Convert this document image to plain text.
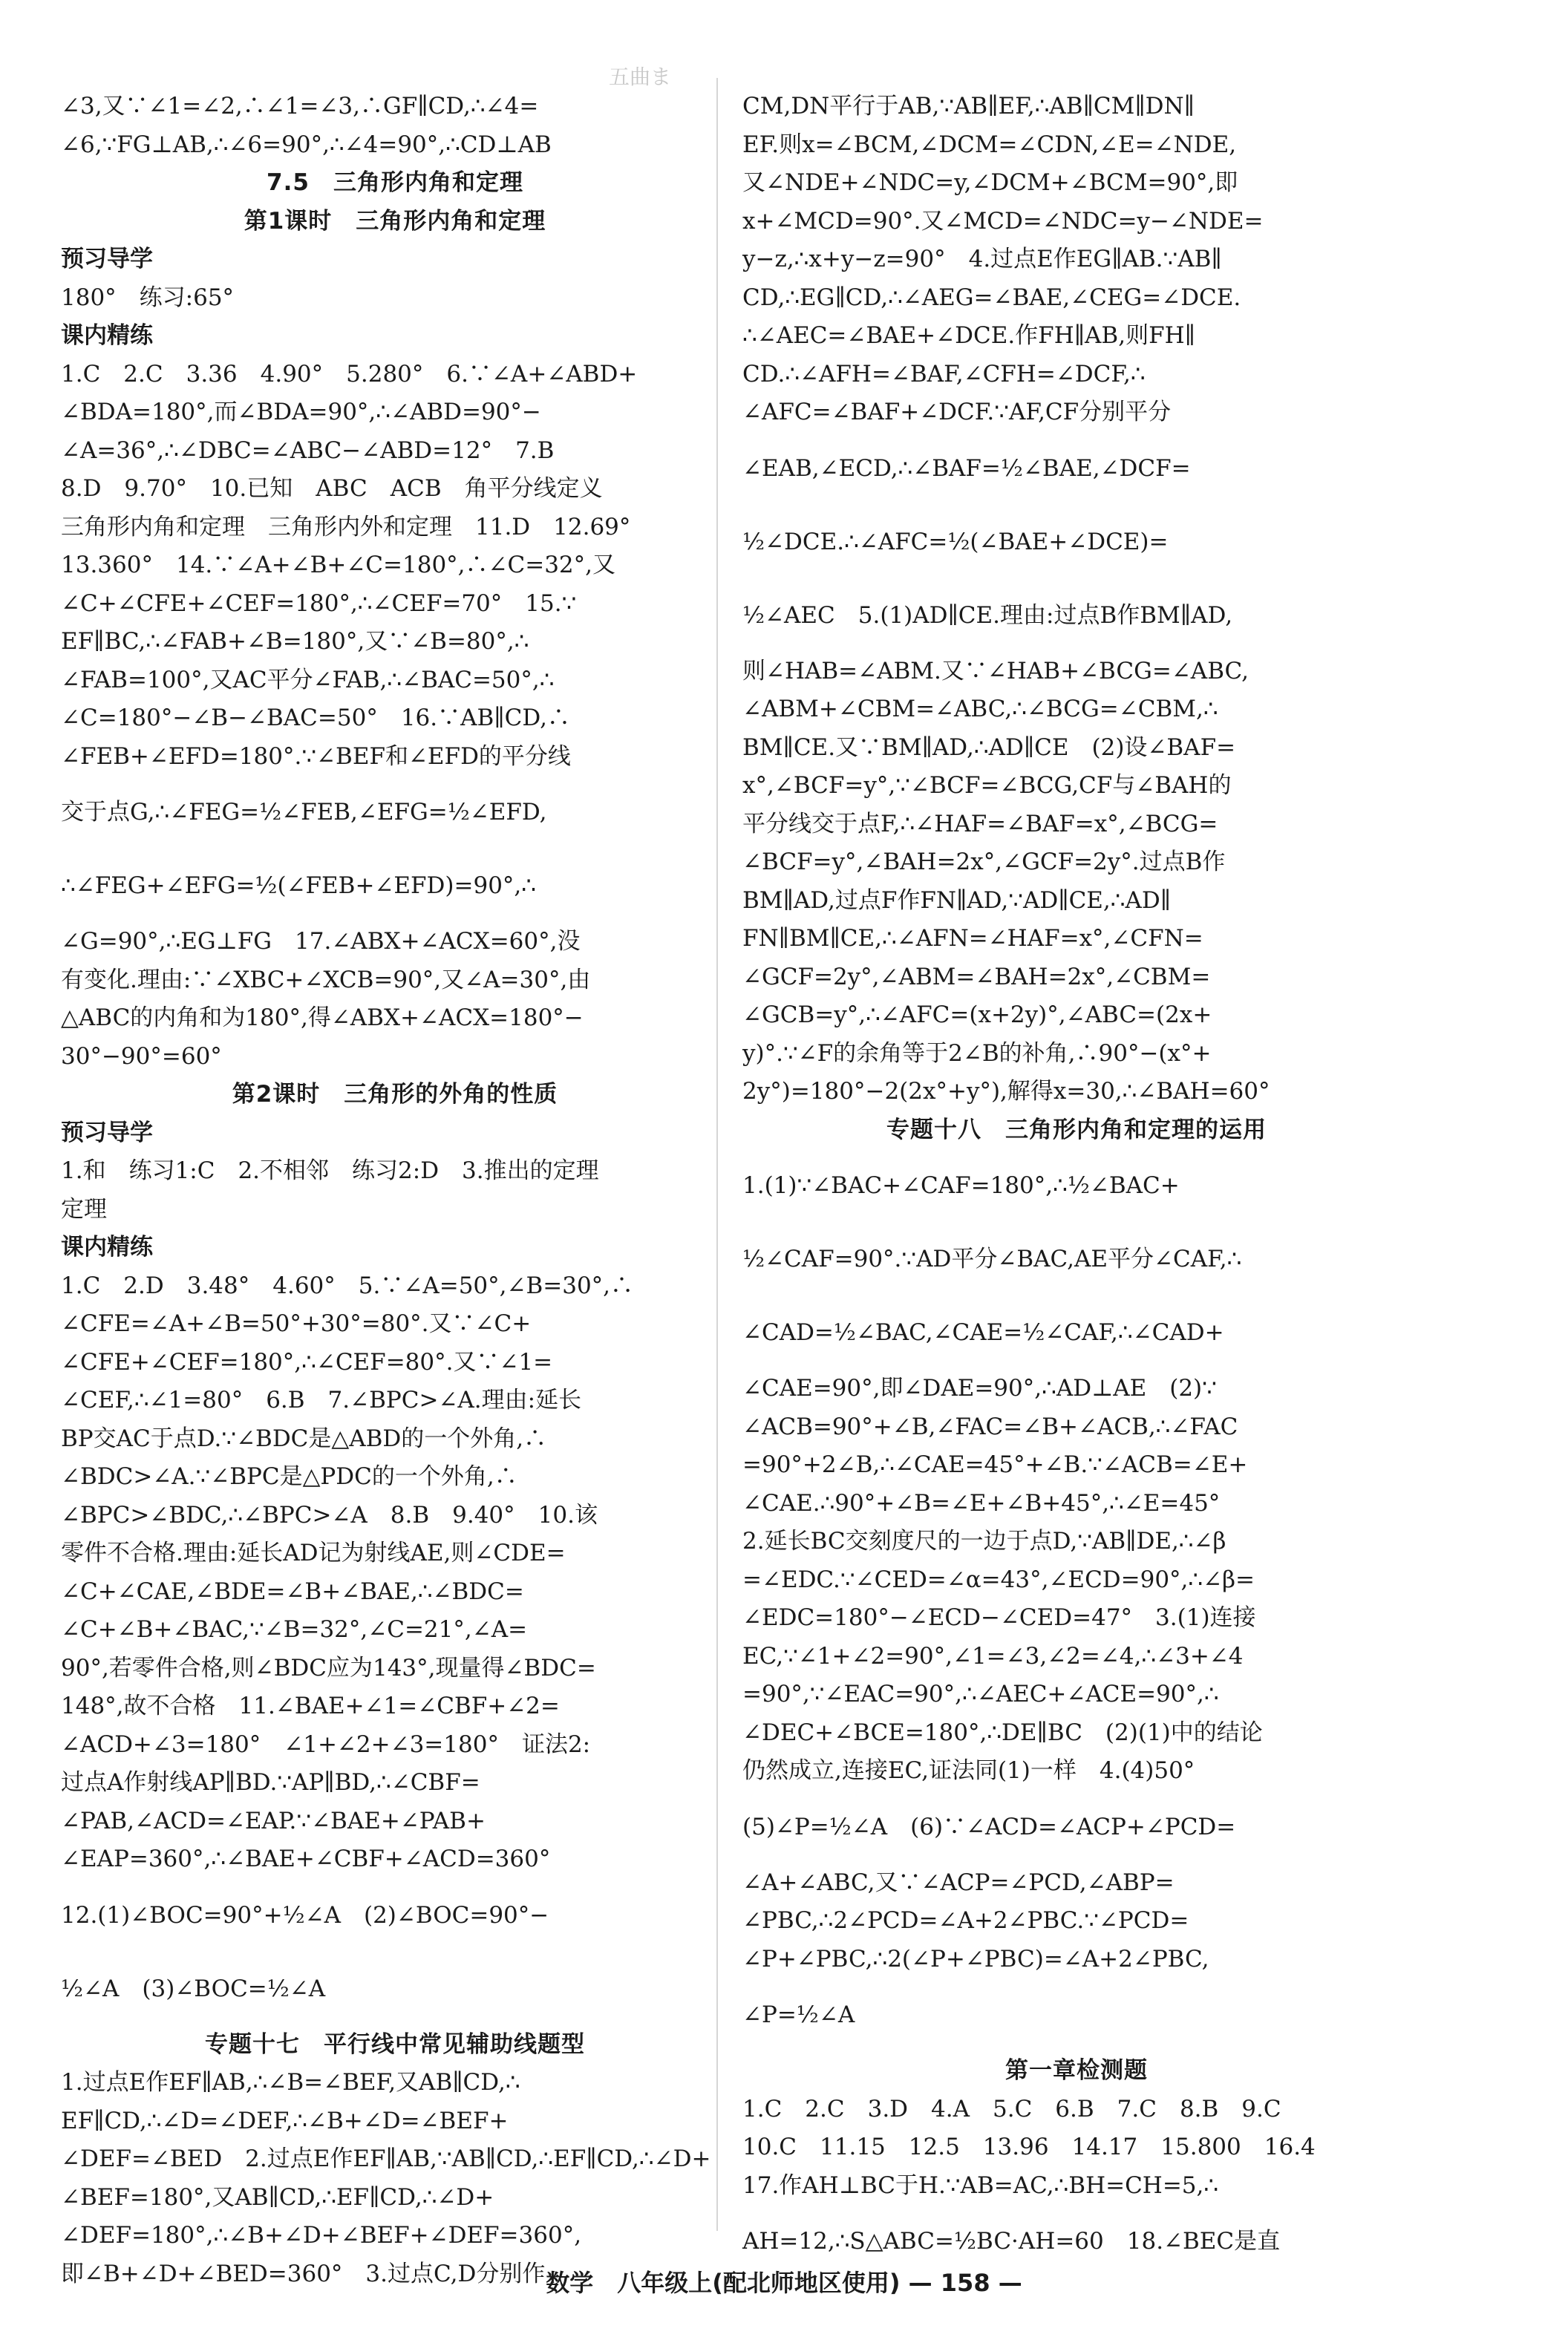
五曲ま
∠3,又∵∠1=∠2,∴∠1=∠3,∴GF∥CD,∴∠4=
∠6,∵FG⊥AB,∴∠6=90°,∴∠4=90°,∴CD⊥AB
7.5　三角形内角和定理
第1课时　三角形内角和定理
预习导学
180°　练习:65°
课内精练
1.C　2.C　3.36　4.90°　5.280°　6.∵∠A+∠ABD+
∠BDA=180°,而∠BDA=90°,∴∠ABD=90°−
∠A=36°,∴∠DBC=∠ABC−∠ABD=12°　7.B
8.D　9.70°　10.已知　ABC　ACB　角平分线定义
三角形内角和定理　三角形内外和定理　11.D　12.69°
13.360°　14.∵∠A+∠B+∠C=180°,∴∠C=32°,又
∠C+∠CFE+∠CEF=180°,∴∠CEF=70°　15.∵
EF∥BC,∴∠FAB+∠B=180°,又∵∠B=80°,∴
∠FAB=100°,又AC平分∠FAB,∴∠BAC=50°,∴
∠C=180°−∠B−∠BAC=50°　16.∵AB∥CD,∴
∠FEB+∠EFD=180°.∵∠BEF和∠EFD的平分线
交于点G,∴∠FEG=½∠FEB,∠EFG=½∠EFD,
∴∠FEG+∠EFG=½(∠FEB+∠EFD)=90°,∴
∠G=90°,∴EG⊥FG　17.∠ABX+∠ACX=60°,没
有变化.理由:∵∠XBC+∠XCB=90°,又∠A=30°,由
△ABC的内角和为180°,得∠ABX+∠ACX=180°−
30°−90°=60°
第2课时　三角形的外角的性质
预习导学
1.和　练习1:C　2.不相邻　练习2:D　3.推出的定理
定理
课内精练
1.C　2.D　3.48°　4.60°　5.∵∠A=50°,∠B=30°,∴
∠CFE=∠A+∠B=50°+30°=80°.又∵∠C+
∠CFE+∠CEF=180°,∴∠CEF=80°.又∵∠1=
∠CEF,∴∠1=80°　6.B　7.∠BPC>∠A.理由:延长
BP交AC于点D.∵∠BDC是△ABD的一个外角,∴
∠BDC>∠A.∵∠BPC是△PDC的一个外角,∴
∠BPC>∠BDC,∴∠BPC>∠A　8.B　9.40°　10.该
零件不合格.理由:延长AD记为射线AE,则∠CDE=
∠C+∠CAE,∠BDE=∠B+∠BAE,∴∠BDC=
∠C+∠B+∠BAC,∵∠B=32°,∠C=21°,∠A=
90°,若零件合格,则∠BDC应为143°,现量得∠BDC=
148°,故不合格　11.∠BAE+∠1=∠CBF+∠2=
∠ACD+∠3=180°　∠1+∠2+∠3=180°　证法2:
过点A作射线AP∥BD.∵AP∥BD,∴∠CBF=
∠PAB,∠ACD=∠EAP.∵∠BAE+∠PAB+
∠EAP=360°,∴∠BAE+∠CBF+∠ACD=360°
12.(1)∠BOC=90°+½∠A　(2)∠BOC=90°−
½∠A　(3)∠BOC=½∠A
专题十七　平行线中常见辅助线题型
1.过点E作EF∥AB,∴∠B=∠BEF,又AB∥CD,∴
EF∥CD,∴∠D=∠DEF,∴∠B+∠D=∠BEF+
∠DEF=∠BED　2.过点E作EF∥AB,∵AB∥CD,∴EF∥CD,∴∠D+
∠BEF=180°,又AB∥CD,∴EF∥CD,∴∠D+
∠DEF=180°,∴∠B+∠D+∠BEF+∠DEF=360°,
即∠B+∠D+∠BED=360°　3.过点C,D分别作
CM,DN平行于AB,∵AB∥EF,∴AB∥CM∥DN∥
EF.则x=∠BCM,∠DCM=∠CDN,∠E=∠NDE,
又∠NDE+∠NDC=y,∠DCM+∠BCM=90°,即
x+∠MCD=90°.又∠MCD=∠NDC=y−∠NDE=
y−z,∴x+y−z=90°　4.过点E作EG∥AB.∵AB∥
CD,∴EG∥CD,∴∠AEG=∠BAE,∠CEG=∠DCE.
∴∠AEC=∠BAE+∠DCE.作FH∥AB,则FH∥
CD.∴∠AFH=∠BAF,∠CFH=∠DCF,∴
∠AFC=∠BAF+∠DCF.∵AF,CF分别平分
∠EAB,∠ECD,∴∠BAF=½∠BAE,∠DCF=
½∠DCE.∴∠AFC=½(∠BAE+∠DCE)=
½∠AEC　5.(1)AD∥CE.理由:过点B作BM∥AD,
则∠HAB=∠ABM.又∵∠HAB+∠BCG=∠ABC,
∠ABM+∠CBM=∠ABC,∴∠BCG=∠CBM,∴
BM∥CE.又∵BM∥AD,∴AD∥CE　(2)设∠BAF=
x°,∠BCF=y°,∵∠BCF=∠BCG,CF与∠BAH的
平分线交于点F,∴∠HAF=∠BAF=x°,∠BCG=
∠BCF=y°,∠BAH=2x°,∠GCF=2y°.过点B作
BM∥AD,过点F作FN∥AD,∵AD∥CE,∴AD∥
FN∥BM∥CE,∴∠AFN=∠HAF=x°,∠CFN=
∠GCF=2y°,∠ABM=∠BAH=2x°,∠CBM=
∠GCB=y°,∴∠AFC=(x+2y)°,∠ABC=(2x+
y)°.∵∠F的余角等于2∠B的补角,∴90°−(x°+
2y°)=180°−2(2x°+y°),解得x=30,∴∠BAH=60°
专题十八　三角形内角和定理的运用
1.(1)∵∠BAC+∠CAF=180°,∴½∠BAC+
½∠CAF=90°.∵AD平分∠BAC,AE平分∠CAF,∴
∠CAD=½∠BAC,∠CAE=½∠CAF,∴∠CAD+
∠CAE=90°,即∠DAE=90°,∴AD⊥AE　(2)∵
∠ACB=90°+∠B,∠FAC=∠B+∠ACB,∴∠FAC
=90°+2∠B,∴∠CAE=45°+∠B.∵∠ACB=∠E+
∠CAE.∴90°+∠B=∠E+∠B+45°,∴∠E=45°
2.延长BC交刻度尺的一边于点D,∵AB∥DE,∴∠β
=∠EDC.∵∠CED=∠α=43°,∠ECD=90°,∴∠β=
∠EDC=180°−∠ECD−∠CED=47°　3.(1)连接
EC,∵∠1+∠2=90°,∠1=∠3,∠2=∠4,∴∠3+∠4
=90°,∵∠EAC=90°,∴∠AEC+∠ACE=90°,∴
∠DEC+∠BCE=180°,∴DE∥BC　(2)(1)中的结论
仍然成立,连接EC,证法同(1)一样　4.(4)50°
(5)∠P=½∠A　(6)∵∠ACD=∠ACP+∠PCD=
∠A+∠ABC,又∵∠ACP=∠PCD,∠ABP=
∠PBC,∴2∠PCD=∠A+2∠PBC.∵∠PCD=
∠P+∠PBC,∴2(∠P+∠PBC)=∠A+2∠PBC,
∠P=½∠A
第一章检测题
1.C　2.C　3.D　4.A　5.C　6.B　7.C　8.B　9.C
10.C　11.15　12.5　13.96　14.17　15.800　16.4
17.作AH⊥BC于H.∵AB=AC,∴BH=CH=5,∴
AH=12,∴S△ABC=½BC·AH=60　18.∠BEC是直
数学　八年级上(配北师地区使用) — 158 —
